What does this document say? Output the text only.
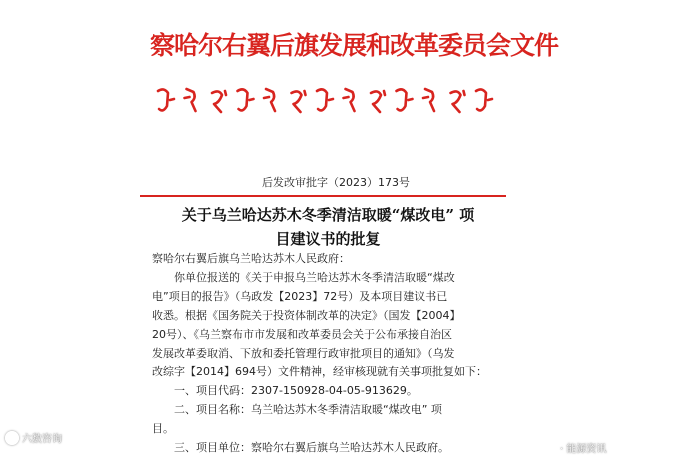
察哈尔右翼后旗发展和改革委员会文件
后发改审批字（2023）173号
关于乌兰哈达苏木冬季清洁取暖“煤改电” 项
目建议书的批复
察哈尔右翼后旗乌兰哈达苏木人民政府：
你单位报送的《关于申报乌兰哈达苏木冬季清洁取暖“煤改
电”项目的报告》（乌政发【2023】72号）及本项目建议书已
收悉。根据《国务院关于投资体制改革的决定》（国发【2004】
20号）、《乌兰察布市市发展和改革委员会关于公布承接自治区
发展改革委取消、下放和委托管理行政审批项目的通知》（乌发
改综字【2014】694号）文件精神，经审核现就有关事项批复如下：
一、项目代码：2307-150928-04-05-913629。
二、项目名称：乌兰哈达苏木冬季清洁取暖“煤改电” 项
目。
三、项目单位：察哈尔右翼后旗乌兰哈达苏木人民政府。
六数咨询
· 能源资讯
